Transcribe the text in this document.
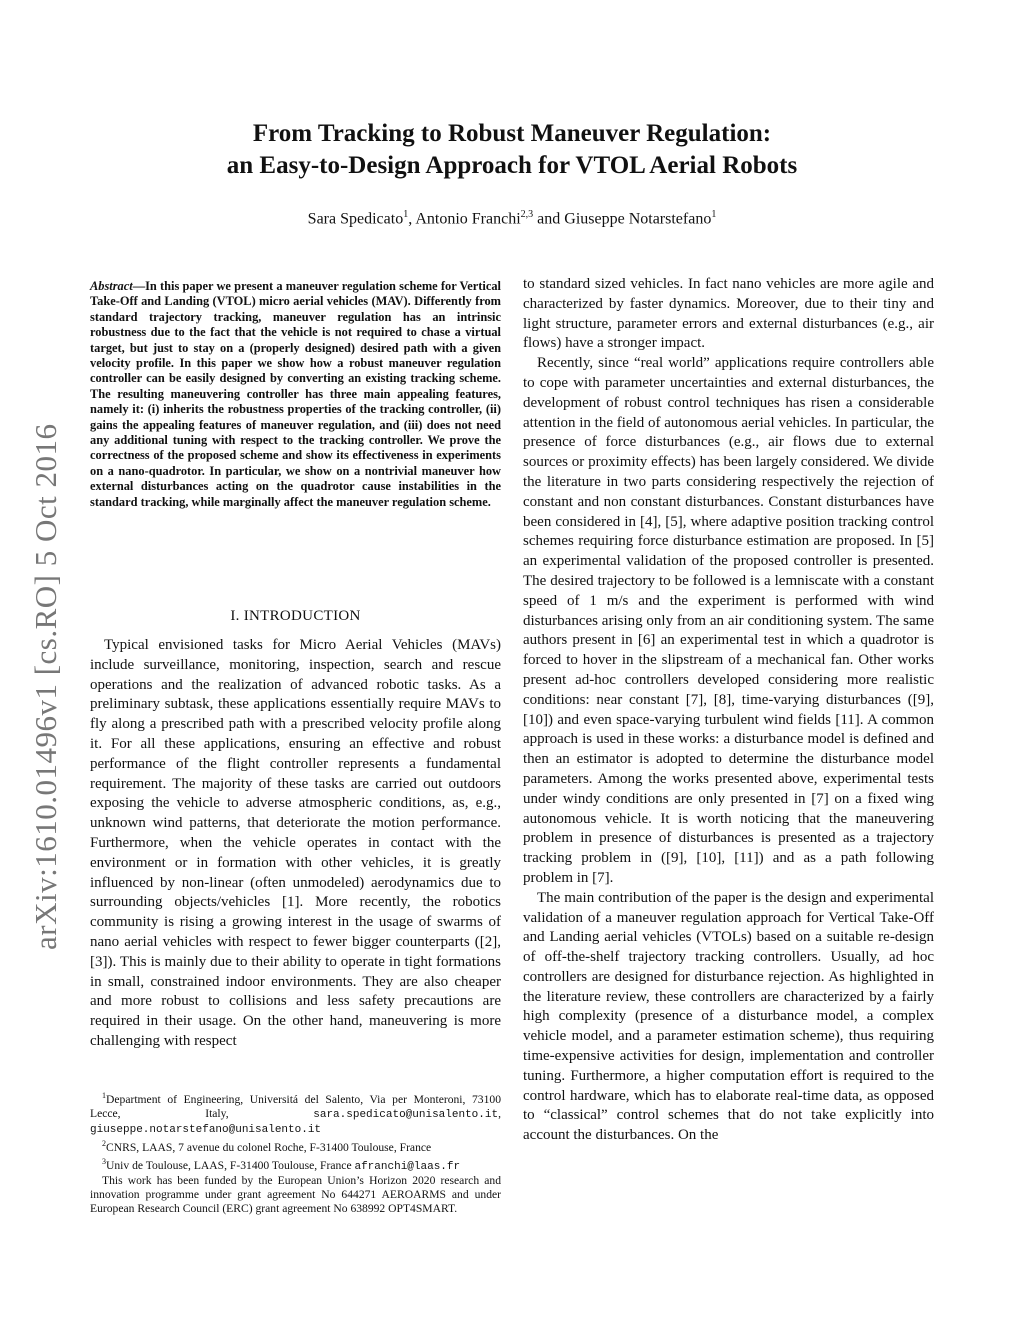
From Tracking to Robust Maneuver Regulation:
an Easy-to-Design Approach for VTOL Aerial Robots
Sara Spedicato$^1$, Antonio Franchi$^{2,3}$ and Giuseppe Notarstefano$^1$
arXiv:1610.01496v1 [cs.RO] 5 Oct 2016
Abstract—In this paper we present a maneuver regulation scheme for Vertical Take-Off and Landing (VTOL) micro aerial vehicles (MAV). Differently from standard trajectory tracking, maneuver regulation has an intrinsic robustness due to the fact that the vehicle is not required to chase a virtual target, but just to stay on a (properly designed) desired path with a given velocity profile. In this paper we show how a robust maneuver regulation controller can be easily designed by converting an existing tracking scheme. The resulting maneuvering controller has three main appealing features, namely it: (i) inherits the robustness properties of the tracking controller, (ii) gains the appealing features of maneuver regulation, and (iii) does not need any additional tuning with respect to the tracking controller. We prove the correctness of the proposed scheme and show its effectiveness in experiments on a nano-quadrotor. In particular, we show on a nontrivial maneuver how external disturbances acting on the quadrotor cause instabilities in the standard tracking, while marginally affect the maneuver regulation scheme.
I. INTRODUCTION

Typical envisioned tasks for Micro Aerial Vehicles (MAVs) include surveillance, monitoring, inspection, search and rescue operations and the realization of advanced robotic tasks. As a preliminary subtask, these applications essentially require MAVs to fly along a prescribed path with a prescribed velocity profile along it. For all these applications, ensuring an effective and robust performance of the flight controller represents a fundamental requirement. The majority of these tasks are carried out outdoors exposing the vehicle to adverse atmospheric conditions, as, e.g., unknown wind patterns, that deteriorate the motion performance. Furthermore, when the vehicle operates in contact with the environment or in formation with other vehicles, it is greatly influenced by non-linear (often unmodeled) aerodynamics due to surrounding objects/vehicles [1]. More recently, the robotics community is rising a growing interest in the usage of swarms of nano aerial vehicles with respect to fewer bigger counterparts ([2], [3]). This is mainly due to their ability to operate in tight formations in small, constrained indoor environments. They are also cheaper and more robust to collisions and less safety precautions are required in their usage. On the other hand, maneuvering is more challenging with respect

$^1$Department of Engineering, Universitá del Salento, Via per Monteroni, 73100 Lecce, Italy, sara.spedicato@unisalento.it, giuseppe.notarstefano@unisalento.it

$^2$CNRS, LAAS, 7 avenue du colonel Roche, F-31400 Toulouse, France

$^3$Univ de Toulouse, LAAS, F-31400 Toulouse, France afranchi@laas.fr

This work has been funded by the European Union’s Horizon 2020 research and innovation programme under grant agreement No 644271 AEROARMS and under European Research Council (ERC) grant agreement No 638992 OPT4SMART.

to standard sized vehicles. In fact nano vehicles are more agile and characterized by faster dynamics. Moreover, due to their tiny and light structure, parameter errors and external disturbances (e.g., air flows) have a stronger impact.

Recently, since “real world” applications require controllers able to cope with parameter uncertainties and external disturbances, the development of robust control techniques has risen a considerable attention in the field of autonomous aerial vehicles. In particular, the presence of force disturbances (e.g., air flows due to external sources or proximity effects) has been largely considered. We divide the literature in two parts considering respectively the rejection of constant and non constant disturbances. Constant disturbances have been considered in [4], [5], where adaptive position tracking control schemes requiring force disturbance estimation are proposed. In [5] an experimental validation of the proposed controller is presented. The desired trajectory to be followed is a lemniscate with a constant speed of 1 m/s and the experiment is performed with wind disturbances arising only from an air conditioning system. The same authors present in [6] an experimental test in which a quadrotor is forced to hover in the slipstream of a mechanical fan. Other works present ad-hoc controllers developed considering more realistic conditions: near constant [7], [8], time-varying disturbances ([9], [10]) and even space-varying turbulent wind fields [11]. A common approach is used in these works: a disturbance model is defined and then an estimator is adopted to determine the disturbance model parameters. Among the works presented above, experimental tests under windy conditions are only presented in [7] on a fixed wing autonomous vehicle. It is worth noticing that the maneuvering problem in presence of disturbances is presented as a trajectory tracking problem in ([9], [10], [11]) and as a path following problem in [7].

The main contribution of the paper is the design and experimental validation of a maneuver regulation approach for Vertical Take-Off and Landing aerial vehicles (VTOLs) based on a suitable re-design of off-the-shelf trajectory tracking controllers. Usually, ad hoc controllers are designed for disturbance rejection. As highlighted in the literature review, these controllers are characterized by a fairly high complexity (presence of a disturbance model, a complex vehicle model, and a parameter estimation scheme), thus requiring time-expensive activities for design, implementation and controller tuning. Furthermore, a higher computation effort is required to the control hardware, which has to elaborate real-time data, as opposed to “classical” control schemes that do not take explicitly into account the disturbances. On the
